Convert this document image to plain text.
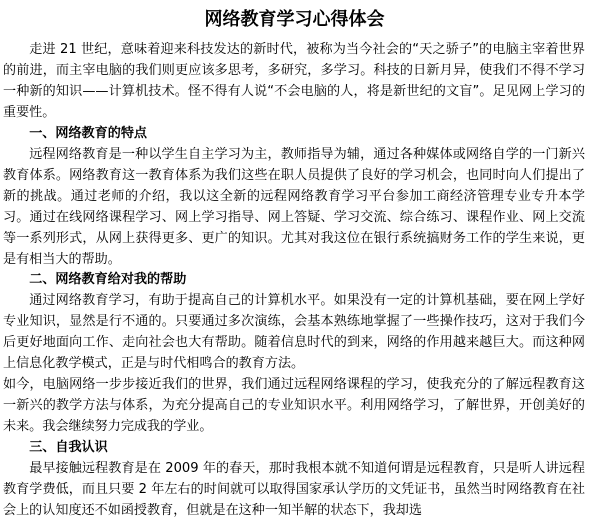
网络教育学习心得体会

走进 21 世纪，意味着迎来科技发达的新时代，被称为当今社会的“天之骄子”的电脑主宰着世界的前进，而主宰电脑的我们则更应该多思考，多研究，多学习。科技的日新月异，使我们不得不学习一种新的知识——计算机技术。怪不得有人说“不会电脑的人，将是新世纪的文盲”。足见网上学习的重要性。

一、网络教育的特点

远程网络教育是一种以学生自主学习为主，教师指导为辅，通过各种媒体或网络自学的一门新兴教育体系。网络教育这一教育体系为我们这些在职人员提供了良好的学习机会，也同时向人们提出了新的挑战。通过老师的介绍，我以这全新的远程网络教育学习平台参加工商经济管理专业专升本学习。通过在线网络课程学习、网上学习指导、网上答疑、学习交流、综合练习、课程作业、网上交流等一系列形式，从网上获得更多、更广的知识。尤其对我这位在银行系统搞财务工作的学生来说，更是有相当大的帮助。

二、网络教育给对我的帮助

通过网络教育学习，有助于提高自己的计算机水平。如果没有一定的计算机基础，要在网上学好专业知识，显然是行不通的。只要通过多次演练，会基本熟练地掌握了一些操作技巧，这对于我们今后更好地面向工作、走向社会也大有帮助。随着信息时代的到来，网络的作用越来越巨大。而这种网上信息化教学模式，正是与时代相鸣合的教育方法。

如今，电脑网络一步步接近我们的世界，我们通过远程网络课程的学习，使我充分的了解远程教育这一新兴的教学方法与体系，为充分提高自己的专业知识水平。利用网络学习，了解世界，开创美好的未来。我会继续努力完成我的学业。

三、自我认识

最早接触远程教育是在 2009 年的春天，那时我根本就不知道何谓是远程教育，只是听人讲远程教育学费低，而且只要 2 年左右的时间就可以取得国家承认学历的文凭证书，虽然当时网络教育在社会上的认知度还不如函授教育，但就是在这种一知半解的状态下，我却选
